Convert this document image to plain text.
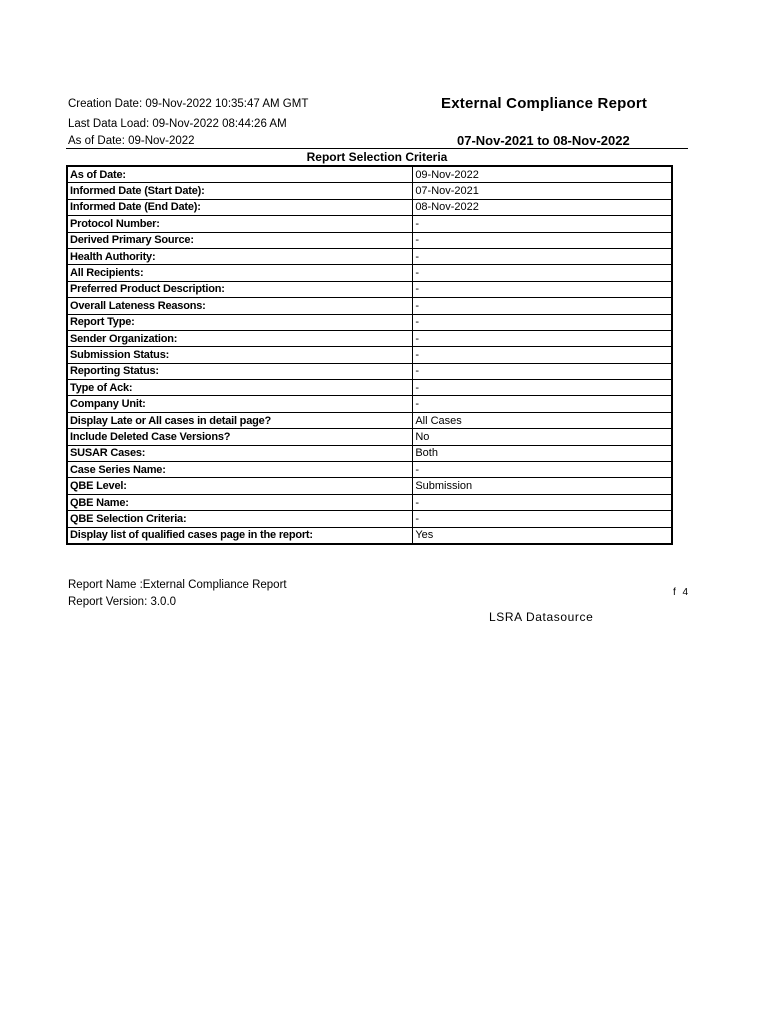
Creation Date: 09-Nov-2022 10:35:47 AM GMT
Last Data Load: 09-Nov-2022 08:44:26 AM
As of Date: 09-Nov-2022
External Compliance Report
07-Nov-2021 to 08-Nov-2022
Report Selection Criteria
As of Date:	09-Nov-2022
Informed Date (Start Date):	07-Nov-2021
Informed Date (End Date):	08-Nov-2022
Protocol Number:	-
Derived Primary Source:	-
Health Authority:	-
All Recipients:	-
Preferred Product Description:	-
Overall Lateness Reasons:	-
Report Type:	-
Sender Organization:	-
Submission Status:	-
Reporting Status:	-
Type of Ack:	-
Company Unit:	-
Display Late or All cases in detail page?	All Cases
Include Deleted Case Versions?	No
SUSAR Cases:	Both
Case Series Name:	-
QBE Level:	Submission
QBE Name:	-
QBE Selection Criteria:	-
Display list of qualified cases page in the report:	Yes
Report Name :External Compliance Report
Report Version: 3.0.0
f 4
LSRA Datasource
